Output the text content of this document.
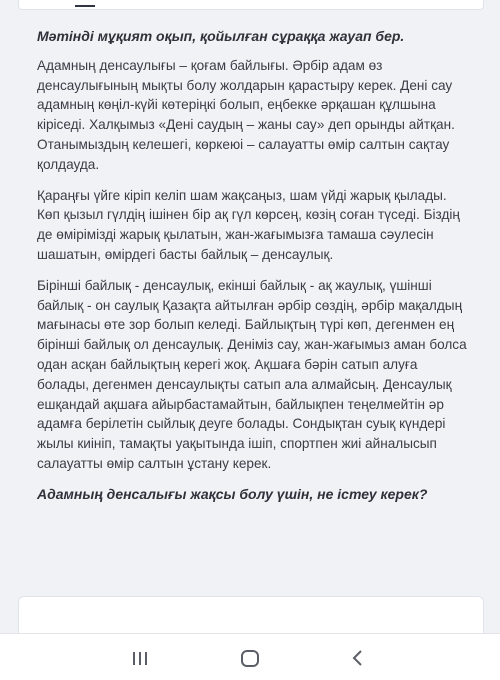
Мәтінді мұқият оқып, қойылған сұраққа жауап бер.

Адамның денсаулығы – қоғам байлығы. Әрбір адам өз денсаулығының мықты болу жолдарын қарастыру керек. Дені сау адамның көңіл-күйі көтеріңкі болып, еңбекке әрқашан құлшына кіріседі. Халқымыз «Дені саудың – жаны сау» деп орынды айтқан. Отанымыздың келешегі, көркеюі – салауатты өмір салтын сақтау қолдауда.

Қараңғы үйге кіріп келіп шам жақсаңыз, шам үйді жарық қылады. Көп қызыл гүлдің ішінен бір ақ гүл көрсең, көзің соған түседі. Біздің де өміріміздi жарық қылатын, жан-жағымызға тамаша сәулесін шашатын, өмірдегі басты байлық – денсаулық.

Бірінші байлық - денсаулық, екінші байлық - ақ жаулық, үшінші байлық - он саулық Қазақта айтылған әрбір сөздің, әрбір мақалдың мағынасы өте зор болып келеді. Байлықтың түрі көп, дегенмен ең бірінші байлық ол денсаулық. Деніміз сау, жан-жағымыз аман болса одан асқан байлықтың керегі жоқ. Ақшаға бәрін сатып алуға болады, дегенмен денсаулықты сатып ала алмайсың. Денсаулық ешқандай ақшаға айырбастамайтын, байлықпен теңелмейтін әр адамға берілетін сыйлық деуге болады. Сондықтан суық күндері жылы киініп, тамақты уақытында ішіп, спортпен жиі айналысып салауатты өмір салтын ұстану керек.

Адамның денсалығы жақсы болу үшін, не істеу керек?
